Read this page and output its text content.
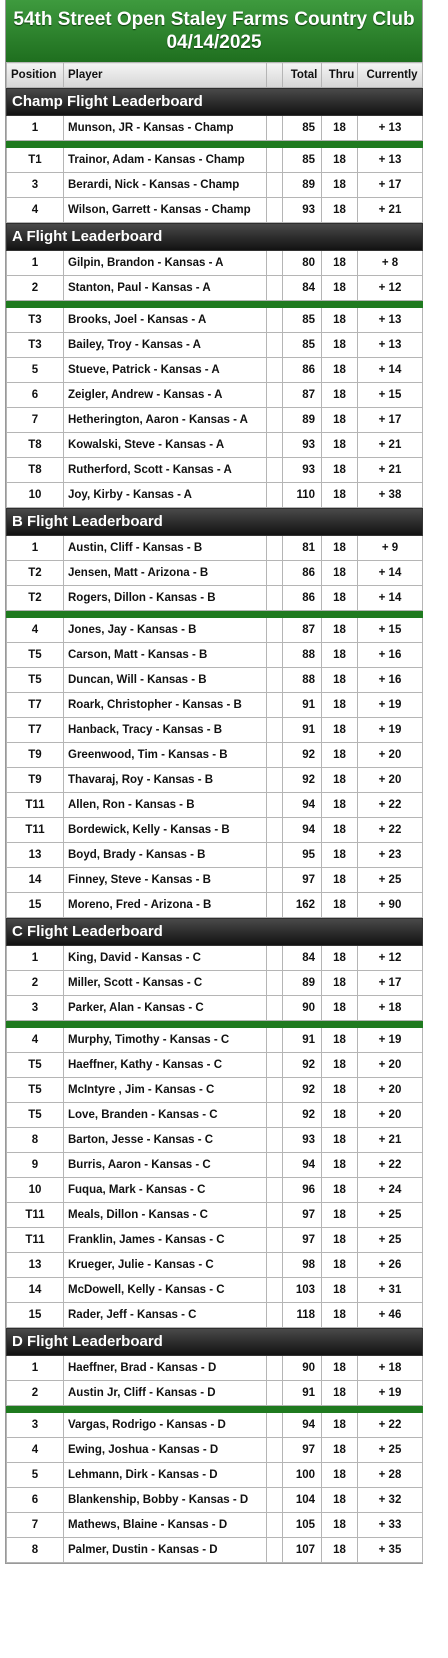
54th Street Open Staley Farms Country Club
04/14/2025
Position	Player		Total	Thru	Currently
Champ Flight Leaderboard					
1	Munson, JR - Kansas - Champ		85	18	+ 13

T1	Trainor, Adam - Kansas - Champ		85	18	+ 13
3	Berardi, Nick - Kansas - Champ		89	18	+ 17
4	Wilson, Garrett - Kansas - Champ		93	18	+ 21
A Flight Leaderboard					
1	Gilpin, Brandon - Kansas - A		80	18	+ 8
2	Stanton, Paul - Kansas - A		84	18	+ 12

T3	Brooks, Joel - Kansas - A		85	18	+ 13
T3	Bailey, Troy - Kansas - A		85	18	+ 13
5	Stueve, Patrick - Kansas - A		86	18	+ 14
6	Zeigler, Andrew - Kansas - A		87	18	+ 15
7	Hetherington, Aaron - Kansas - A		89	18	+ 17
T8	Kowalski, Steve - Kansas - A		93	18	+ 21
T8	Rutherford, Scott - Kansas - A		93	18	+ 21
10	Joy, Kirby - Kansas - A		110	18	+ 38
B Flight Leaderboard					
1	Austin, Cliff - Kansas - B		81	18	+ 9
T2	Jensen, Matt - Arizona - B		86	18	+ 14
T2	Rogers, Dillon - Kansas - B		86	18	+ 14

4	Jones, Jay - Kansas - B		87	18	+ 15
T5	Carson, Matt - Kansas - B		88	18	+ 16
T5	Duncan, Will - Kansas - B		88	18	+ 16
T7	Roark, Christopher - Kansas - B		91	18	+ 19
T7	Hanback, Tracy - Kansas - B		91	18	+ 19
T9	Greenwood, Tim - Kansas - B		92	18	+ 20
T9	Thavaraj, Roy - Kansas - B		92	18	+ 20
T11	Allen, Ron - Kansas - B		94	18	+ 22
T11	Bordewick, Kelly - Kansas - B		94	18	+ 22
13	Boyd, Brady - Kansas - B		95	18	+ 23
14	Finney, Steve - Kansas - B		97	18	+ 25
15	Moreno, Fred - Arizona - B		162	18	+ 90
C Flight Leaderboard					
1	King, David - Kansas - C		84	18	+ 12
2	Miller, Scott - Kansas - C		89	18	+ 17
3	Parker, Alan - Kansas - C		90	18	+ 18

4	Murphy, Timothy - Kansas - C		91	18	+ 19
T5	Haeffner, Kathy - Kansas - C		92	18	+ 20
T5	McIntyre , Jim - Kansas - C		92	18	+ 20
T5	Love, Branden - Kansas - C		92	18	+ 20
8	Barton, Jesse - Kansas - C		93	18	+ 21
9	Burris, Aaron - Kansas - C		94	18	+ 22
10	Fuqua, Mark - Kansas - C		96	18	+ 24
T11	Meals, Dillon - Kansas - C		97	18	+ 25
T11	Franklin, James - Kansas - C		97	18	+ 25
13	Krueger, Julie - Kansas - C		98	18	+ 26
14	McDowell, Kelly - Kansas - C		103	18	+ 31
15	Rader, Jeff - Kansas - C		118	18	+ 46
D Flight Leaderboard					
1	Haeffner, Brad - Kansas - D		90	18	+ 18
2	Austin Jr, Cliff - Kansas - D		91	18	+ 19

3	Vargas, Rodrigo - Kansas - D		94	18	+ 22
4	Ewing, Joshua - Kansas - D		97	18	+ 25
5	Lehmann, Dirk - Kansas - D		100	18	+ 28
6	Blankenship, Bobby - Kansas - D		104	18	+ 32
7	Mathews, Blaine - Kansas - D		105	18	+ 33
8	Palmer, Dustin - Kansas - D		107	18	+ 35
